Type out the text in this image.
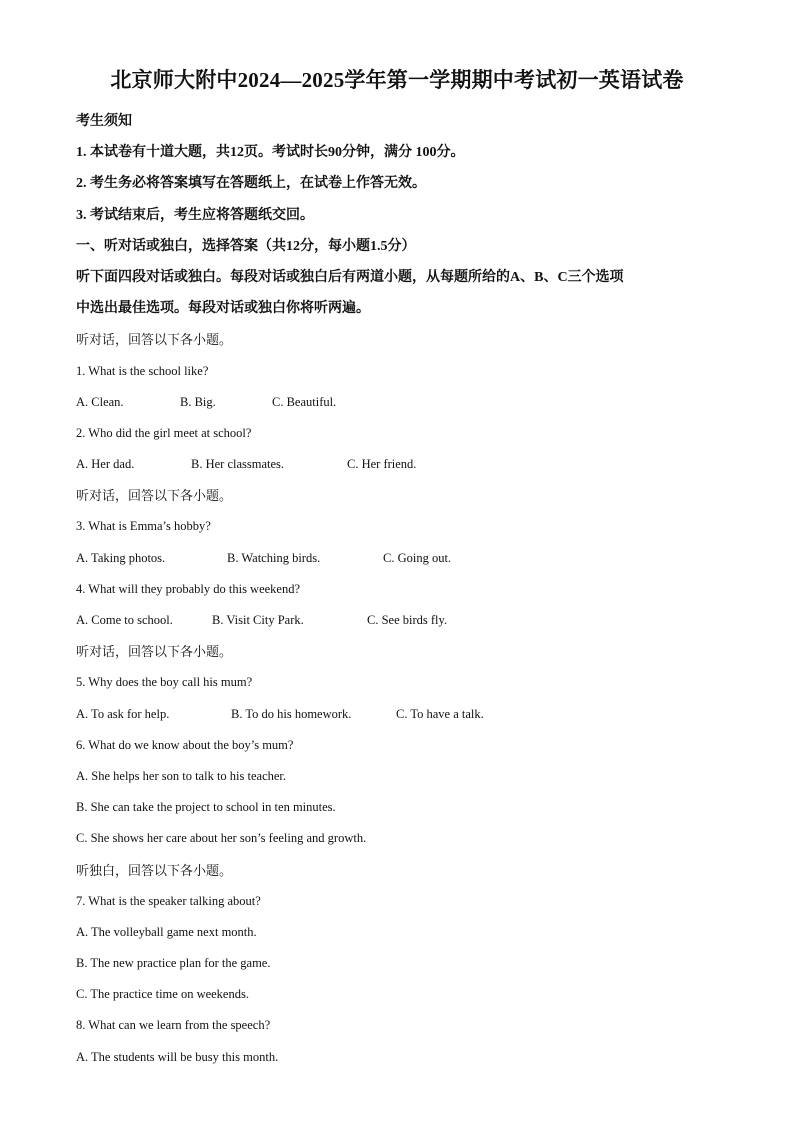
北京师大附中2024—2025学年第一学期期中考试初一英语试卷

考生须知

1. 本试卷有十道大题，共12页。考试时长90分钟，满分 100分。

2. 考生务必将答案填写在答题纸上，在试卷上作答无效。

3. 考试结束后，考生应将答题纸交回。

一、听对话或独白，选择答案（共12分，每小题1.5分）

听下面四段对话或独白。每段对话或独白后有两道小题，从每题所给的A、B、C三个选项

中选出最佳选项。每段对话或独白你将听两遍。

听对话，回答以下各小题。

1. What is the school like?

A. Clean.	B. Big.	C. Beautiful.

2. Who did the girl meet at school?

A. Her dad.	B. Her classmates.	C. Her friend.

听对话，回答以下各小题。

3. What is Emma’s hobby?

A. Taking photos.	B. Watching birds.	C. Going out.

4. What will they probably do this weekend?

A. Come to school.	B. Visit City Park.	C. See birds fly.

听对话，回答以下各小题。

5. Why does the boy call his mum?

A. To ask for help.	B. To do his homework.	C. To have a talk.

6. What do we know about the boy’s mum?

A. She helps her son to talk to his teacher.

B. She can take the project to school in ten minutes.

C. She shows her care about her son’s feeling and growth.

听独白，回答以下各小题。

7. What is the speaker talking about?

A. The volleyball game next month.

B. The new practice plan for the game.

C. The practice time on weekends.

8. What can we learn from the speech?

A. The students will be busy this month.
